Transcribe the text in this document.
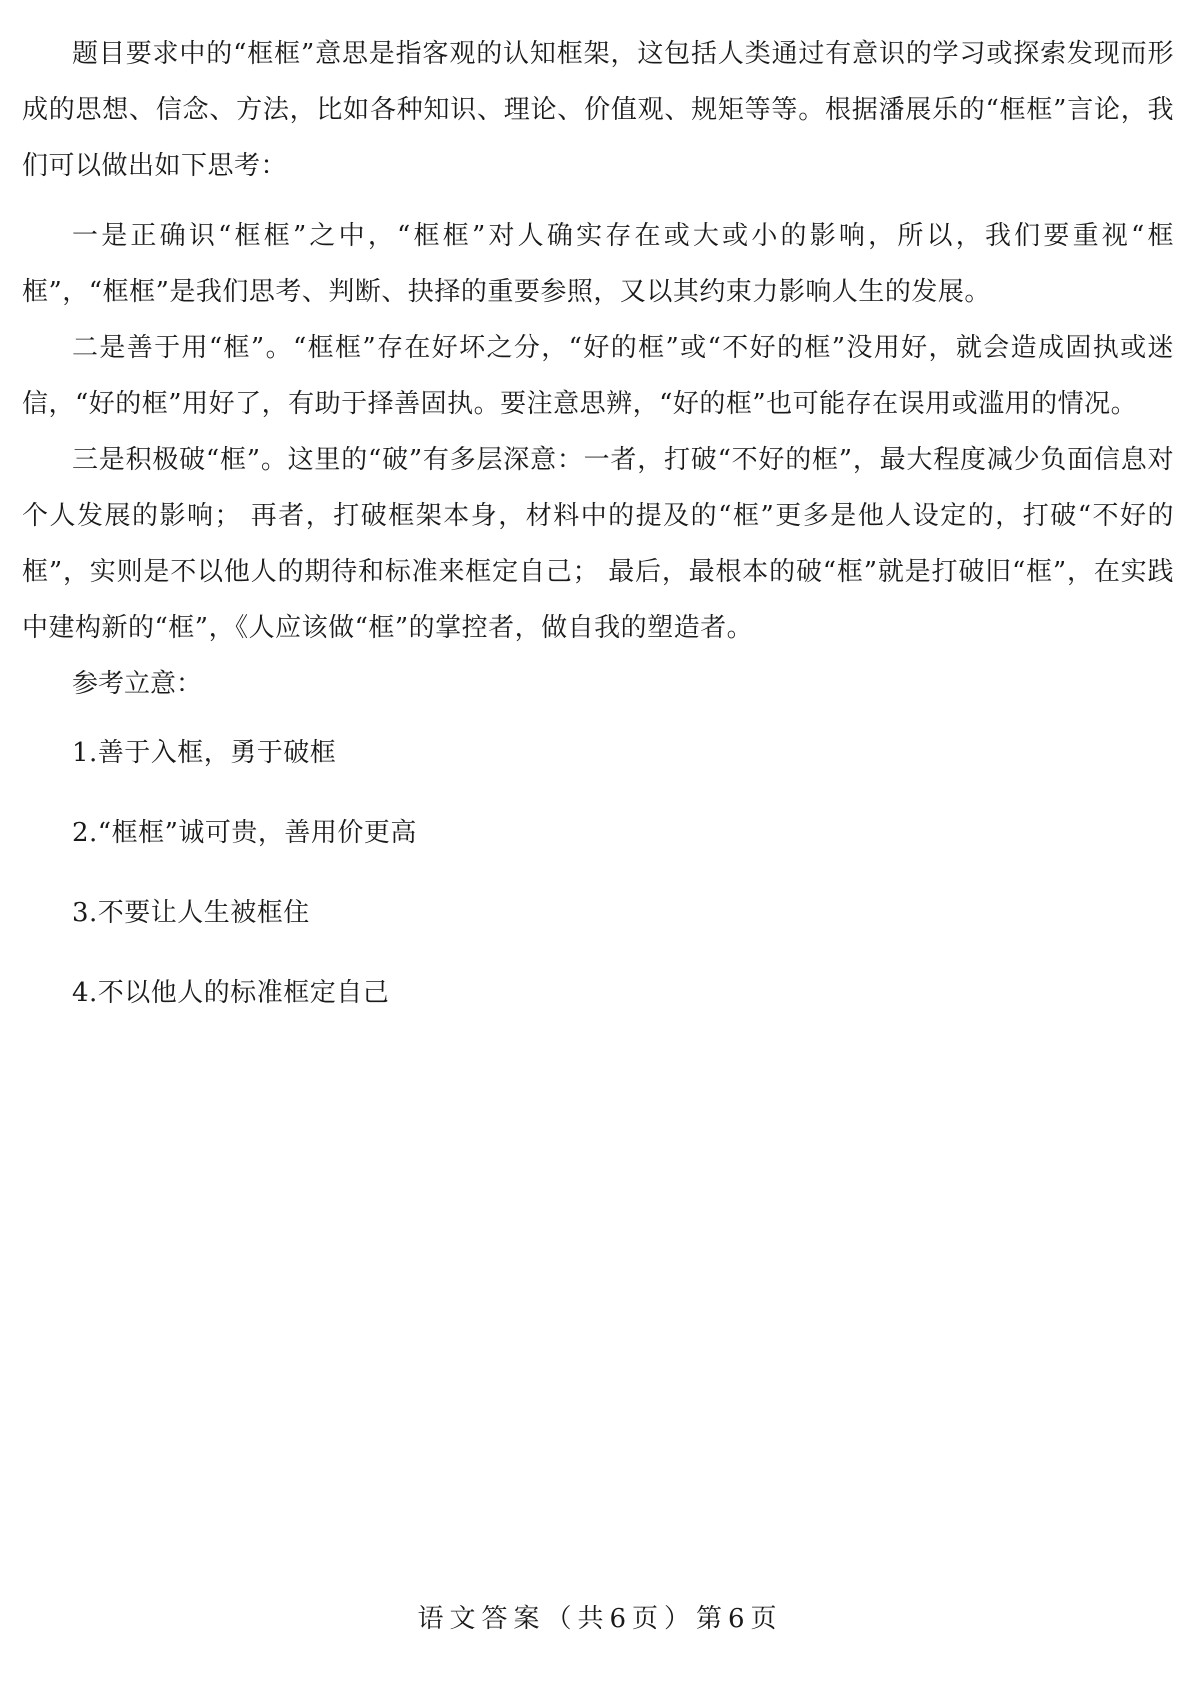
题目要求中的“框框”意思是指客观的认知框架，这包括人类通过有意识的学习或探索发现而形成的思想、信念、方法，比如各种知识、理论、价值观、规矩等等。根据潘展乐的“框框”言论，我们可以做出如下思考：

一是正确识“框框”之中，“框框”对人确实存在或大或小的影响，所以，我们要重视“框框”，“框框”是我们思考、判断、抉择的重要参照，又以其约束力影响人生的发展。

二是善于用“框”。“框框”存在好坏之分，“好的框”或“不好的框”没用好，就会造成固执或迷信，“好的框”用好了，有助于择善固执。要注意思辨，“好的框”也可能存在误用或滥用的情况。

三是积极破“框”。这里的“破”有多层深意：一者，打破“不好的框”，最大程度减少负面信息对个人发展的影响； 再者，打破框架本身，材料中的提及的“框”更多是他人设定的，打破“不好的框”，实则是不以他人的期待和标准来框定自己； 最后，最根本的破“框”就是打破旧“框”，在实践中建构新的“框”，《人应该做“框”的掌控者，做自我的塑造者。

参考立意：

1.善于入框，勇于破框
2.“框框”诚可贵，善用价更高
3.不要让人生被框住
4.不以他人的标准框定自己
语文答案（共6页）第6页
